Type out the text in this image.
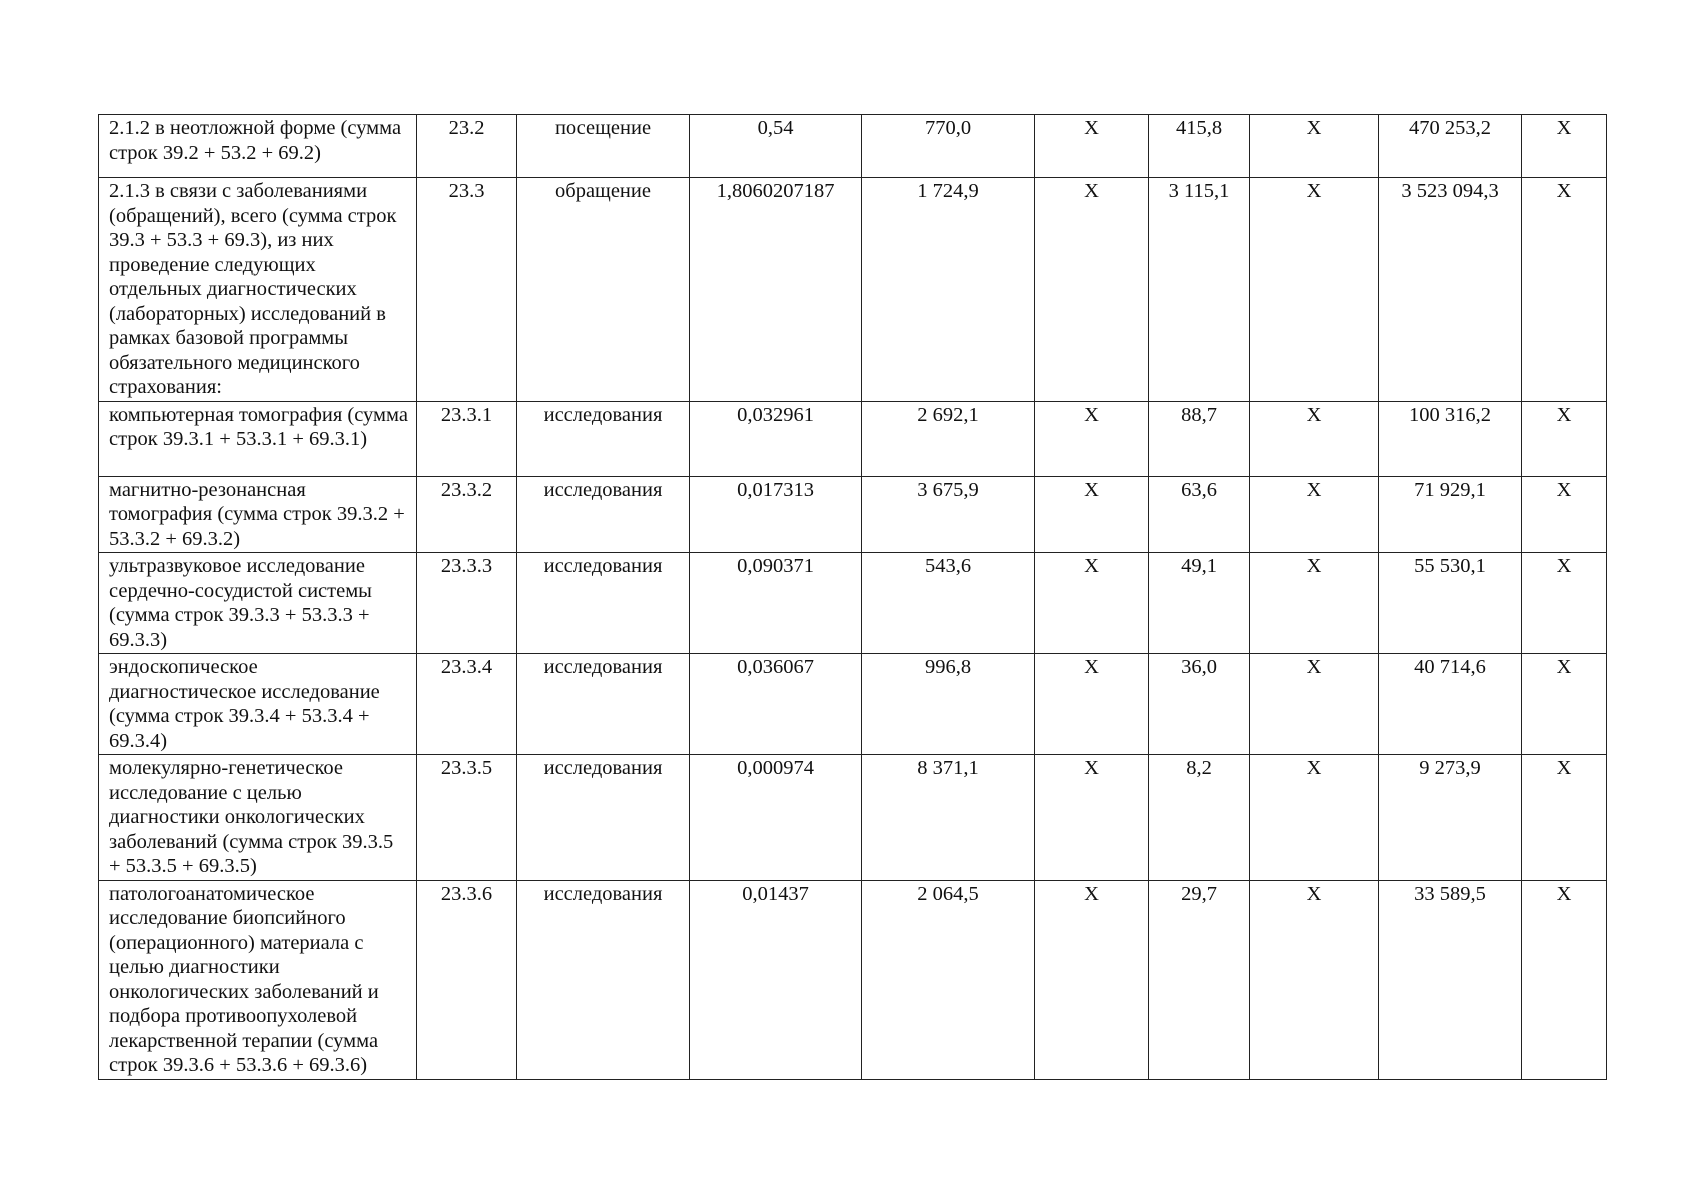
2.1.2 в неотложной форме (сумма строк 39.2 + 53.2 + 69.2)	23.2	посещение	0,54	770,0	Х	415,8	Х	470 253,2	Х
2.1.3 в связи с заболеваниями (обращений), всего (сумма строк 39.3 + 53.3 + 69.3), из них проведение следующих отдельных диагностических (лабораторных) исследований в рамках базовой программы обязательного медицинского страхования:	23.3	обращение	1,8060207187	1 724,9	Х	3 115,1	Х	3 523 094,3	Х
компьютерная томография (сумма строк 39.3.1 + 53.3.1 + 69.3.1)	23.3.1	исследования	0,032961	2 692,1	Х	88,7	Х	100 316,2	Х
магнитно-резонансная томография (сумма строк 39.3.2 + 53.3.2 + 69.3.2)	23.3.2	исследования	0,017313	3 675,9	Х	63,6	Х	71 929,1	Х
ультразвуковое исследование сердечно-сосудистой системы (сумма строк 39.3.3 + 53.3.3 + 69.3.3)	23.3.3	исследования	0,090371	543,6	Х	49,1	Х	55 530,1	Х
эндоскопическое диагностическое исследование (сумма строк 39.3.4 + 53.3.4 + 69.3.4)	23.3.4	исследования	0,036067	996,8	Х	36,0	Х	40 714,6	Х
молекулярно-генетическое исследование с целью диагностики онкологических заболеваний (сумма строк 39.3.5 + 53.3.5 + 69.3.5)	23.3.5	исследования	0,000974	8 371,1	Х	8,2	Х	9 273,9	Х
патологоанатомическое исследование биопсийного (операционного) материала с целью диагностики онкологических заболеваний и подбора противоопухолевой лекарственной терапии (сумма строк 39.3.6 + 53.3.6 + 69.3.6)	23.3.6	исследования	0,01437	2 064,5	Х	29,7	Х	33 589,5	Х
